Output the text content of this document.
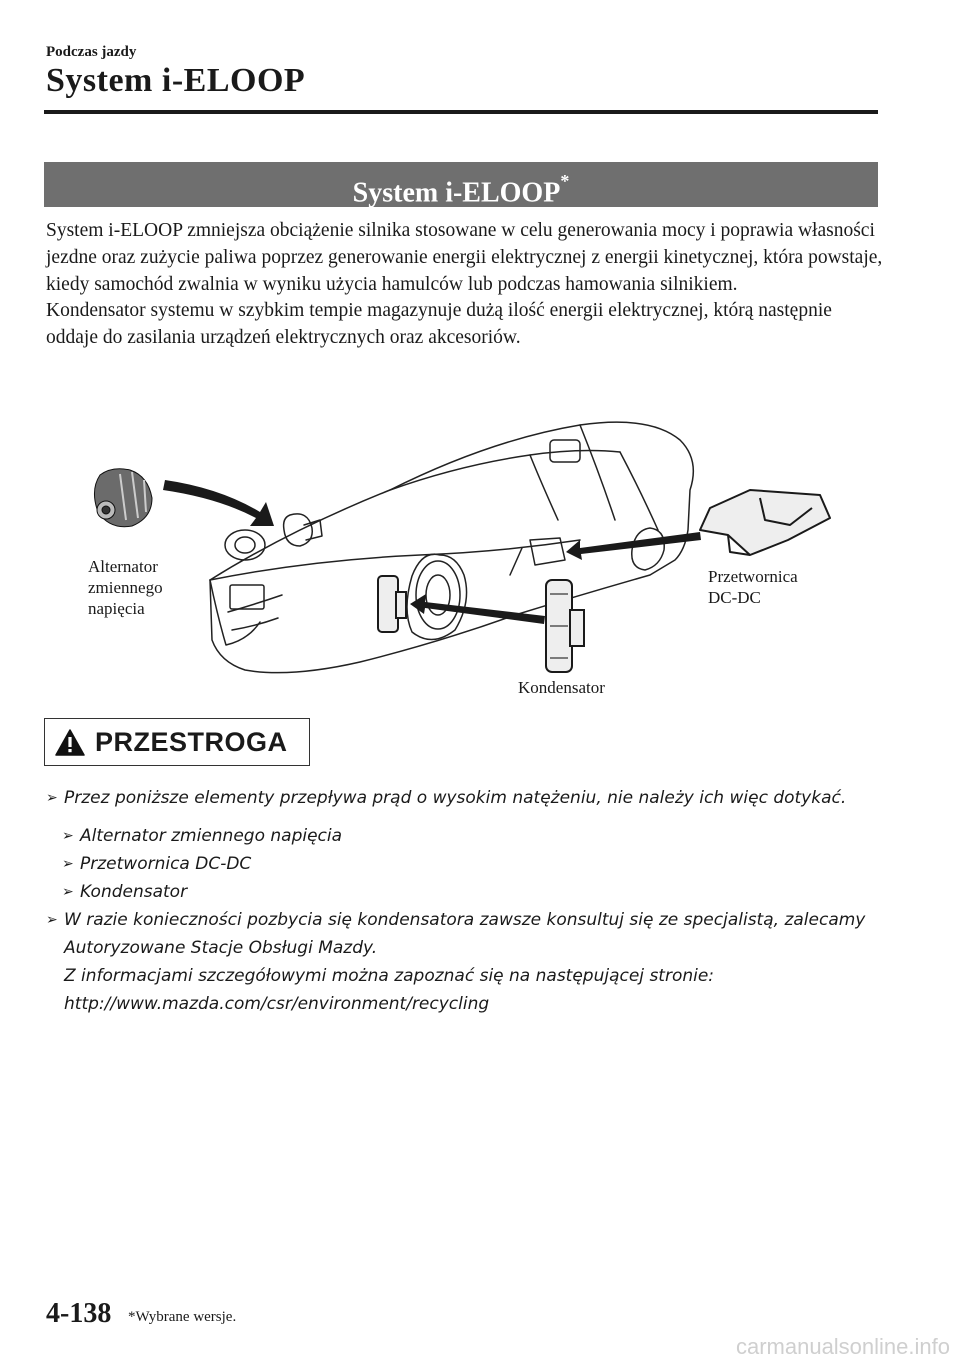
Podczas jazdy
System i-ELOOP
System i-ELOOP*

System i-ELOOP zmniejsza obciążenie silnika stosowane w celu generowania mocy i poprawia własności jezdne oraz zużycie paliwa poprzez generowanie energii elektrycznej z energii kinetycznej, która powstaje, kiedy samochód zwalnia w wyniku użycia hamulców lub podczas hamowania silnikiem.

Kondensator systemu w szybkim tempie magazynuje dużą ilość energii elektrycznej, którą następnie oddaje do zasilania urządzeń elektrycznych oraz akcesoriów.

Alternator
zmiennego
napięcia
Przetwornica
DC-DC
Kondensator
PRZESTROGA
➢ Przez poniższe elementy przepływa prąd o wysokim natężeniu, nie należy ich więc dotykać.
➢ Alternator zmiennego napięcia
➢ Przetwornica DC-DC
➢ Kondensator
➢ W razie konieczności pozbycia się kondensatora zawsze konsultuj się ze specjalistą, zalecamy Autoryzowane Stacje Obsługi Mazdy.
Z informacjami szczegółowymi można zapoznać się na następującej stronie:
http://www.mazda.com/csr/environment/recycling
4-138 *Wybrane wersje.
carmanualsonline.info
